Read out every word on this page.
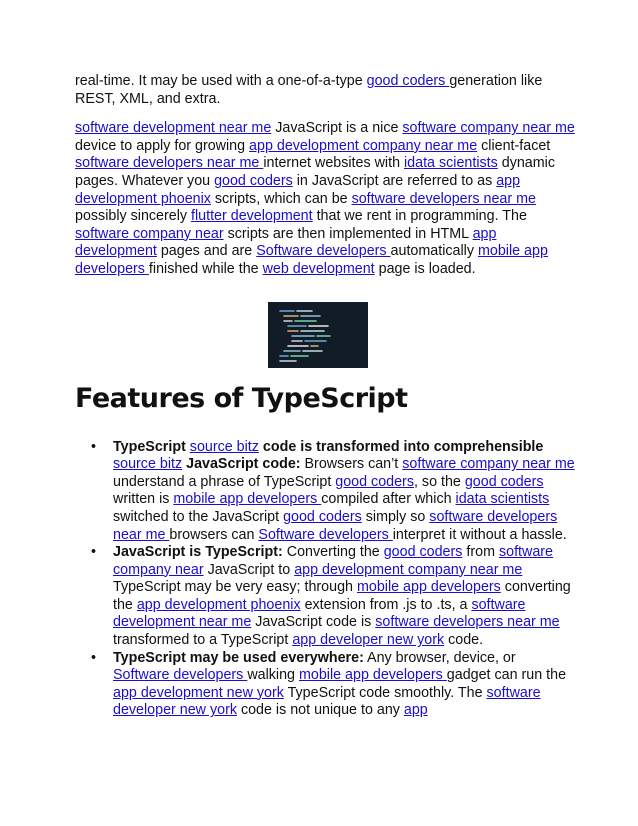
real-time. It may be used with a one-of-a-type good coders generation like REST, XML, and extra.

software development near me JavaScript is a nice software company near me device to apply for growing app development company near me client-facet software developers near me internet websites with idata scientists dynamic pages. Whatever you good coders in JavaScript are referred to as app development phoenix scripts, which can be software developers near me possibly sincerely flutter development that we rent in programming. The software company near scripts are then implemented in HTML app development pages and are Software developers automatically mobile app developers finished while the web development page is loaded.

Features of TypeScript
• TypeScript source bitz code is transformed into comprehensible source bitz JavaScript code: Browsers can’t software company near me understand a phrase of TypeScript good coders, so the good coders written is mobile app developers compiled after which idata scientists switched to the JavaScript good coders simply so software developers near me browsers can Software developers interpret it without a hassle.
• JavaScript is TypeScript: Converting the good coders from software company near JavaScript to app development company near me TypeScript may be very easy; through mobile app developers converting the app development phoenix extension from .js to .ts, a software development near me JavaScript code is software developers near me transformed to a TypeScript app developer new york code.
• TypeScript may be used everywhere: Any browser, device, or Software developers walking mobile app developers gadget can run the app development new york TypeScript code smoothly. The software developer new york code is not unique to any app
